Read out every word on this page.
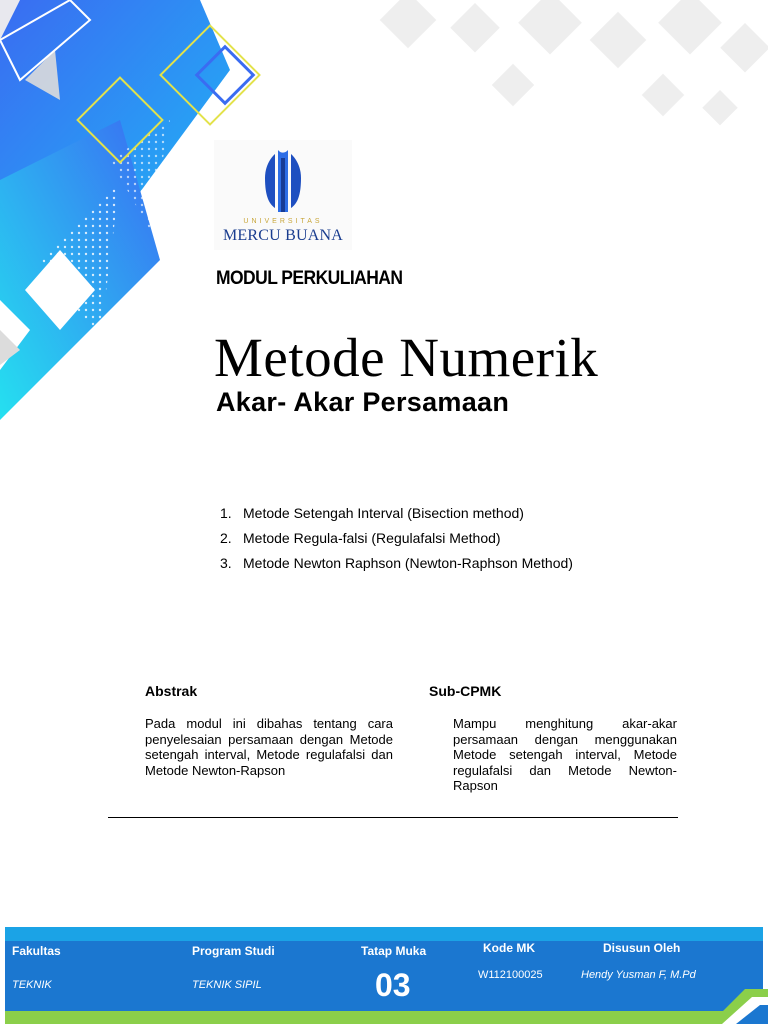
UNIVERSITAS
MERCU BUANA
MODUL PERKULIAHAN
Metode Numerik
Akar- Akar Persamaan
1. Metode Setengah Interval (Bisection method)
2. Metode Regula-falsi (Regulafalsi Method)
3. Metode Newton Raphson (Newton-Raphson Method)
Abstrak
Pada modul ini dibahas tentang cara penyelesaian persamaan dengan Metode setengah interval, Metode regulafalsi dan Metode Newton-Rapson
Sub-CPMK
Mampu menghitung akar-akar persamaan dengan menggunakan Metode setengah interval, Metode regulafalsi dan Metode Newton-Rapson
Fakultas
TEKNIK
Program Studi
TEKNIK SIPIL
Tatap Muka
03
Kode MK
W112100025
Disusun Oleh
Hendy Yusman F, M.Pd
